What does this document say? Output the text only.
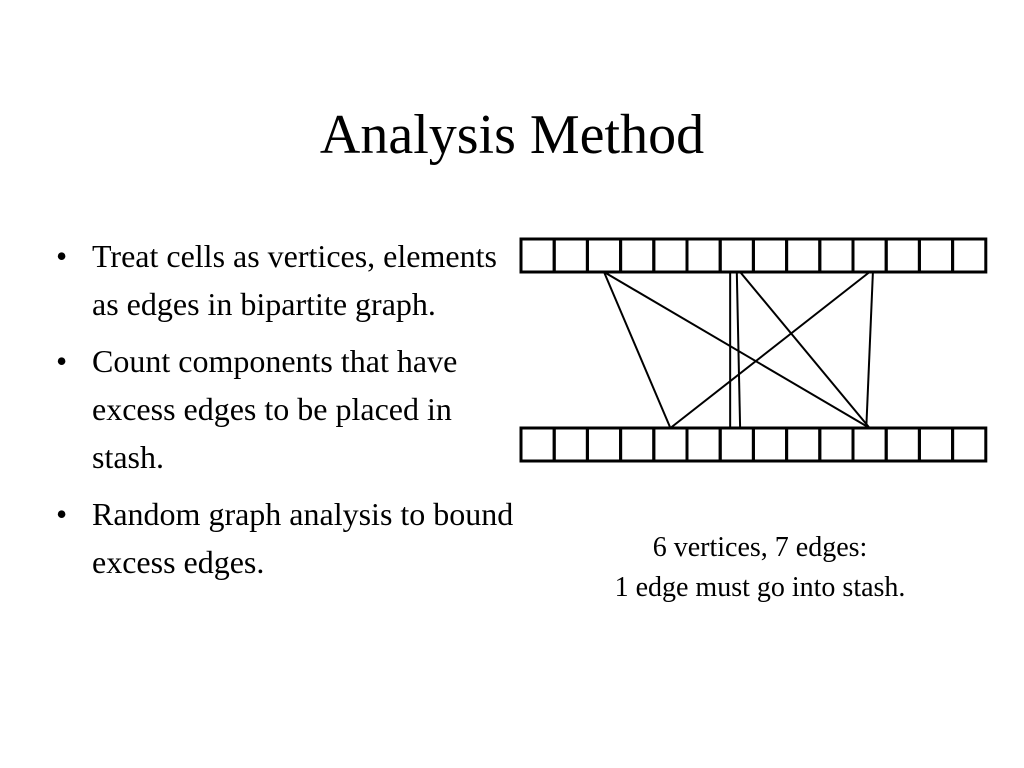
Analysis Method
• Treat cells as vertices, elements as edges in bipartite graph.
• Count components that have excess edges to be placed in stash.
• Random graph analysis to bound excess edges.	6 vertices, 7 edges:
1 edge must go into stash.
